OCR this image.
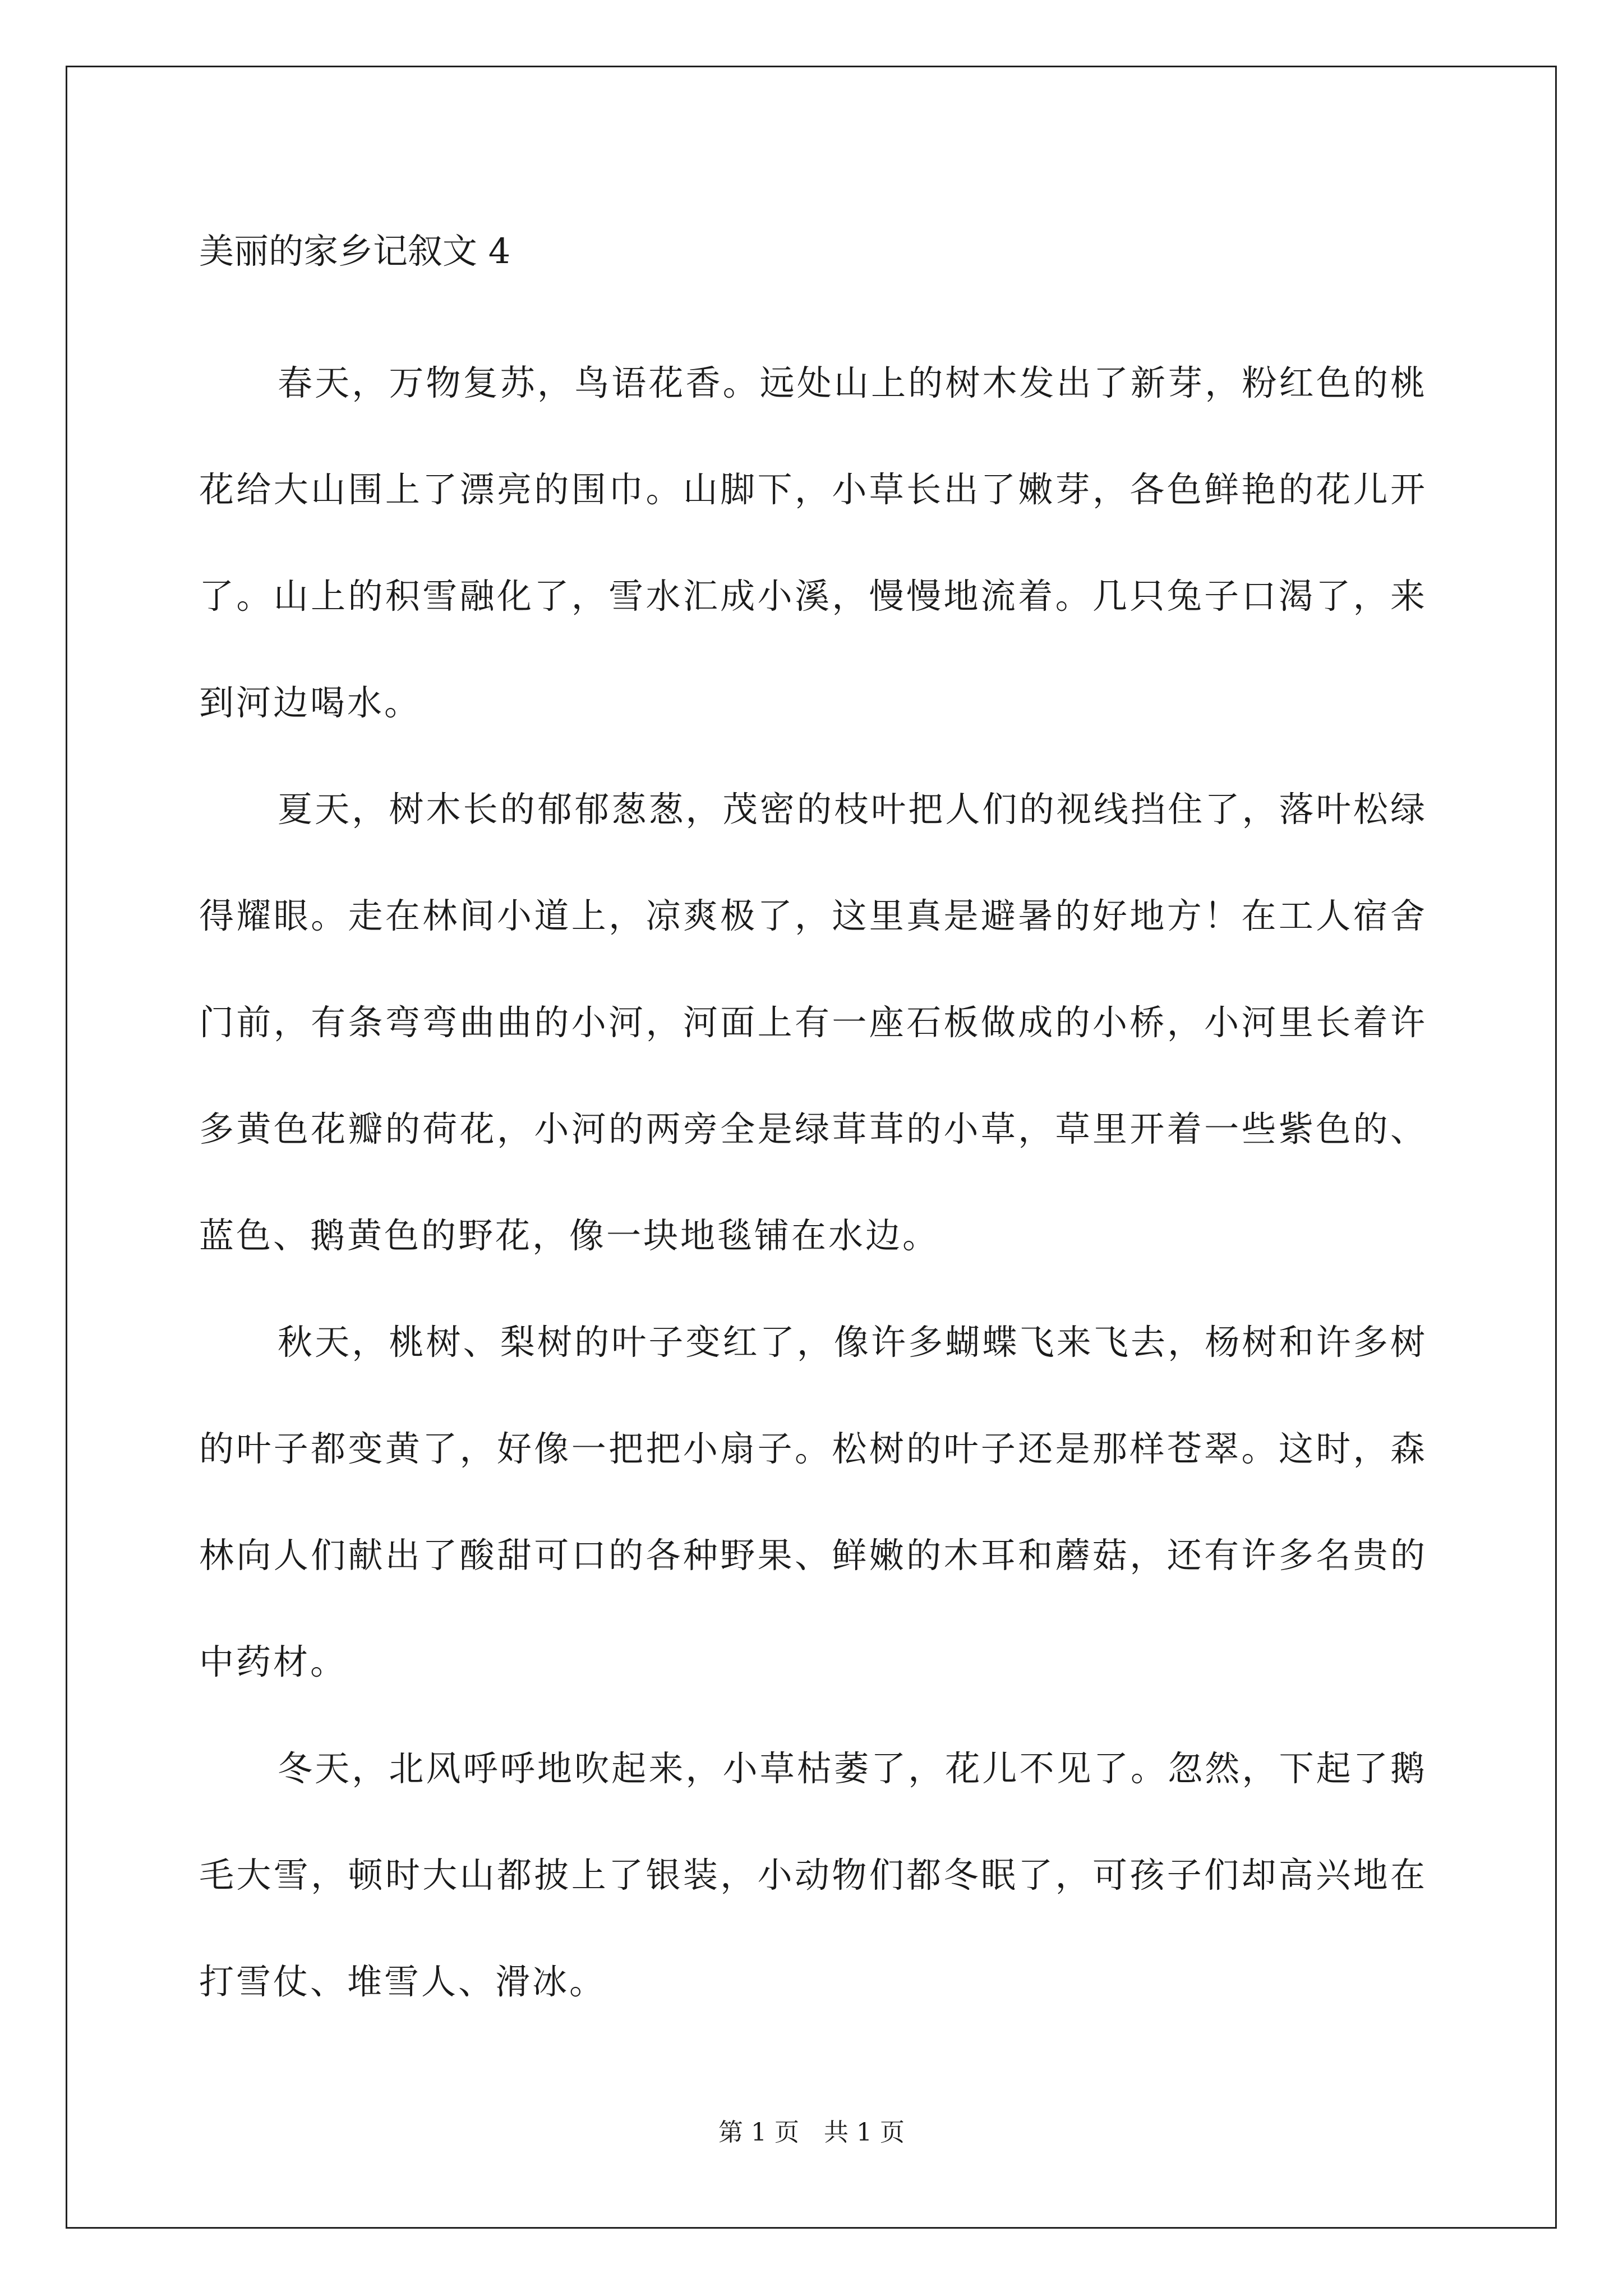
美丽的家乡记叙文 4

春天，万物复苏，鸟语花香。远处山上的树木发出了新芽，粉红色的桃花给大山围上了漂亮的围巾。山脚下，小草长出了嫩芽，各色鲜艳的花儿开了。山上的积雪融化了，雪水汇成小溪，慢慢地流着。几只兔子口渴了，来到河边喝水。

夏天，树木长的郁郁葱葱，茂密的枝叶把人们的视线挡住了，落叶松绿得耀眼。走在林间小道上，凉爽极了，这里真是避暑的好地方！在工人宿舍门前，有条弯弯曲曲的小河，河面上有一座石板做成的小桥，小河里长着许多黄色花瓣的荷花，小河的两旁全是绿茸茸的小草，草里开着一些紫色的、蓝色、鹅黄色的野花，像一块地毯铺在水边。

秋天，桃树、梨树的叶子变红了，像许多蝴蝶飞来飞去，杨树和许多树的叶子都变黄了，好像一把把小扇子。松树的叶子还是那样苍翠。这时，森林向人们献出了酸甜可口的各种野果、鲜嫩的木耳和蘑菇，还有许多名贵的中药材。

冬天，北风呼呼地吹起来，小草枯萎了，花儿不见了。忽然，下起了鹅毛大雪，顿时大山都披上了银装，小动物们都冬眠了，可孩子们却高兴地在打雪仗、堆雪人、滑冰。

第 1 页　共 1 页
